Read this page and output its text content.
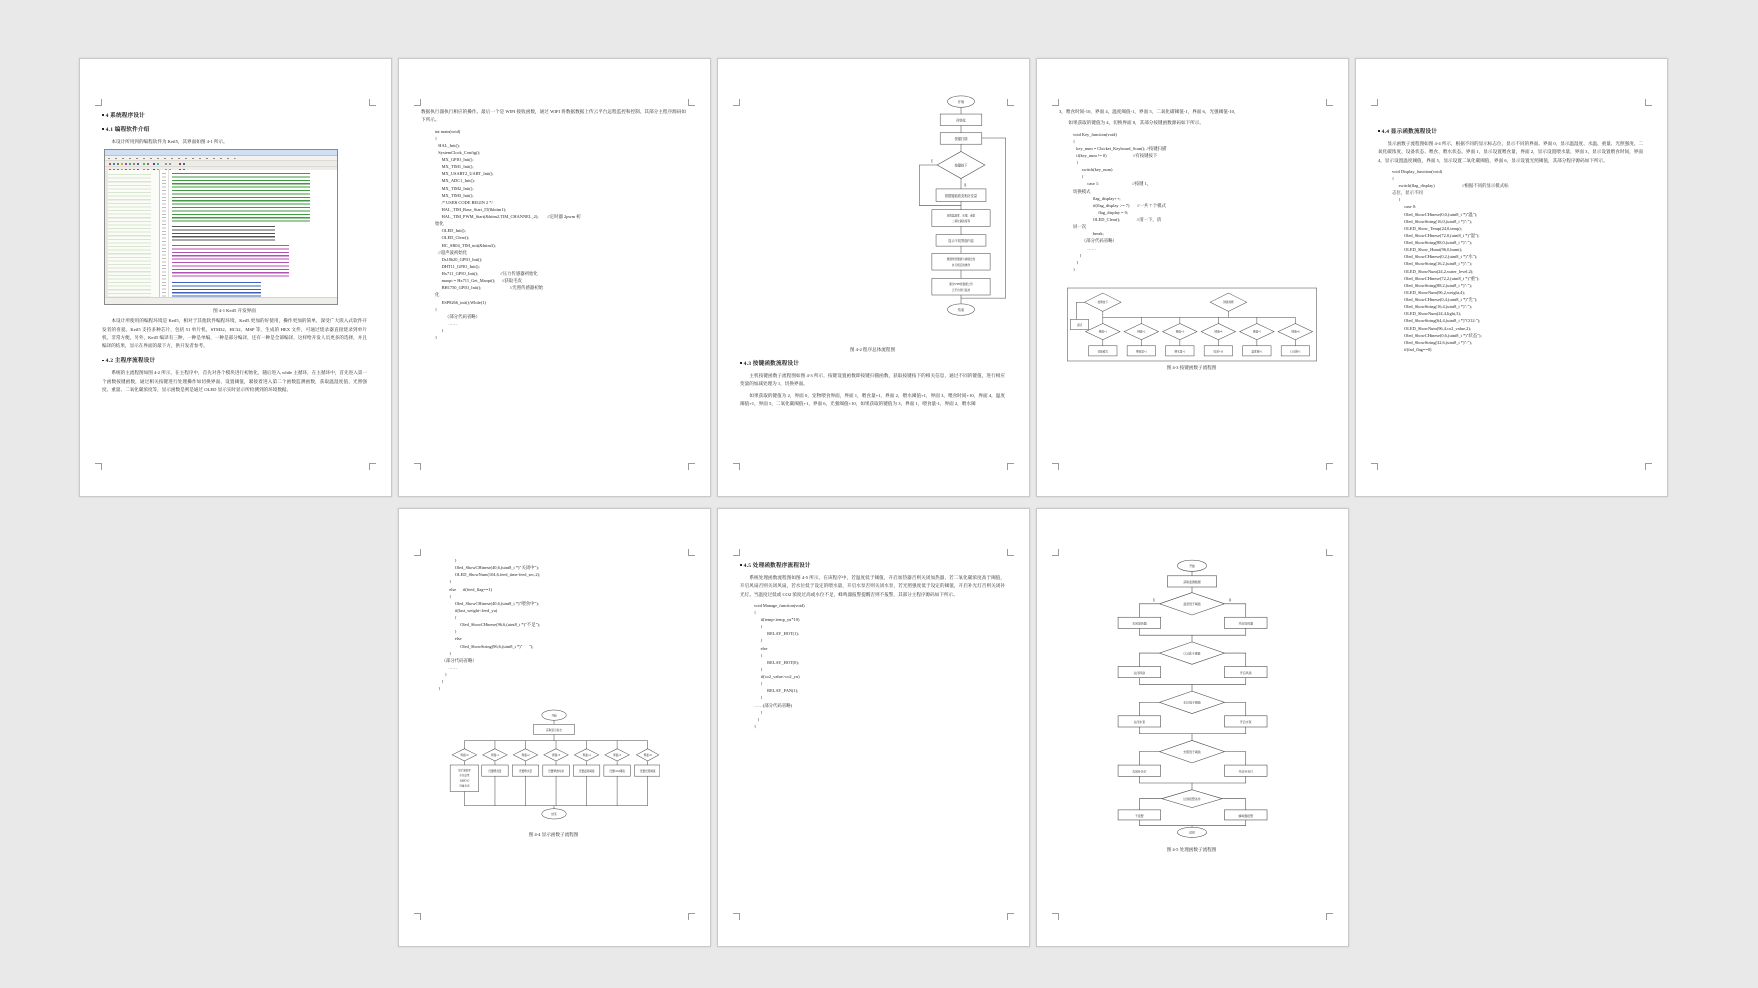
4 系统程序设计
4.1 编程软件介绍
本设计所用到的编程软件为 Keil5，其界面如图 4-1 所示。
图 4-1 Keil5 开发界面
本设计所使用的编程环境是 Keil5，相对于其他软件编程环境，Keil5 更加的好使用，操作更加的简单，深受广大嵌入式软件开发者的喜爱。Keil5 支持多种芯片，包括 51 单片机，STM32、HC32、MSP 等，生成的 HEX 文件，可通过烧录器直接烧录到单片机，非常方便。另外，Keil5 编译有三种，一种是单编，一种是部分编译，还有一种是全部编译，这样给开发人员更多的选择，并且编译的结果，显示在界面的最下方，供开发者参考。
4.2 主程序流程设计
系统的主流程图如图 4-2 所示，在主程序中，首先对各个模块进行初始化，随后进入 while 主循环，在主循环中，首先进入第一个函数按键函数，通过相关按键进行处理操作如切换界面、设置阈值，紧接着进入第二个函数监测函数，获取温湿度值、光照强度、重量、二氧化碳浓度等，显示函数是则是通过 OLED 显示实时显示所检测到的环境数据。
数据执行器执行相应的操作。最后一个是 WIFI 接收函数，通过 WIFI 将数据数据上传云平台远程监控和控制。其部分主程序源码如下所示。
int main(void)
{
HAL_Init();
SystemClock_Config();
MX_GPIO_Init();
MX_TIM1_Init();
MX_USART2_UART_Init();
MX_ADC1_Init();
MX_TIM2_Init();
MX_TIM3_Init();
/* USER CODE BEGIN 2 */
HAL_TIM_Base_Start_IT(&htim1);
HAL_TIM_PWM_Start(&htim2,TIM_CHANNEL_2);        //定时器 2pwm 初
始化
OLED_Init();
OLED_Clear();
HC_SR04_TIM_init(&htim3);
//超声波初始化
Ds18b20_GPIO_Init();
DHT11_GPIO_Init();
Hx711_GPIO_Init();                    //压力传感器初始化
maopi = Hx711_Get_Maopi();      //获取毛皮
BH1750_GPIO_Init();                          //光照传感器初始
化
ESP8266_init();While(1)
{
（部分代码省略）
……
}
}
开始
初始化
按键扫描
按键按下
否
是
根据键值改变相应变量
获取温湿度、光强、重量
二氧化碳浓度等
显示不同界面内容
根据传感器值与阈值比较
执行相应的操作
通过WIFI将数据上传
云平台进行监控
结束
图 4-2 程序总体流程图
4.3 按键函数流程设计
主机按键函数子流程图如图 4-3 所示，按键设置函数即按键扫描函数，获取按键按下的相关信息，通过不同的键值，进行相应变量的加减处理为 1，切换界面。
如果获取的键值为 2，界面 0，宠物喂食界面，界面 1，喂食量+1，界面 2，喂水阈值+1，界面 3，喂食时间+10，界面 4，温度阈值+1，界面 5，二氧化碳阈值+1，界面 6，光强阈值+10，如果获取的键值为 3，界面 1，喂食量-1，界面 2，喂水阈
3，喂食时间-10，界面 4，温度阈值-1，界面 5，二氧化碳阈值-1，界面 6，光强阈值-10，
如果获取的键值为 4，切换界面 0，其部分按键函数源码如下所示。
void Key_function(void)
{
key_num = Chicket_Keyboard_Scan(); //按键扫描
if(key_num != 0)                        //有按键按下
{
switch(key_num)
{
case 1:                              //按键 1，
切换模式
flag_display++;
if(flag_display >= 7)       //一共 7 个模式
flag_display = 0;
OLED_Clear();               //清一下，清
屏一次
break;
（部分代码省略）
……
}
}
}
按键按下	键值判断
返回
键值=1	键值=2	键值=3	键值=4	键值=5	键值=6
切换模式	喂食量+1	喂水量+1	时间+10	温度阈+1	CO2阈+1
图 4-3 按键函数子流程图
4.4 显示函数流程设计
显示函数子流程图如图 4-4 所示，根据不同的显示标志位，显示不同的界面。界面 0，显示温湿度、水温、重量、光照强度、二氧化碳浓度、设备状态、喂食、喂水状态。界面 1，显示设置喂食量，界面 2，显示设置喂水量，界面 3，显示设置喂食时间，界面 4，显示设置温度阈值，界面 5，显示设置二氧化碳阈值，界面 6，显示设置光照阈值，其部分程序源码如下所示。
void Display_function(void)
{
switch(flag_display)                         //根据不同的显示模式标
志位，显示不同
{
case 0:
Oled_ShowCHinese(0,0,(uint8_t *)"温");
Oled_ShowString(16,0,(uint8_t *)":");
OLED_Show_Temp(24,0,temp);
Oled_ShowCHinese(72,0,(uint8_t *)"湿");
Oled_ShowString(88,0,(uint8_t *)":");
OLED_Show_Humi(96,0,humi);
Oled_ShowCHinese(0,2,(uint8_t *)"水");
Oled_ShowString(16,2,(uint8_t *)":");
OLED_ShowNum(24,2,water_level,2);
Oled_ShowCHinese(72,2,(uint8_t *)"重");
Oled_ShowString(88,2,(uint8_t *)":");
OLED_ShowNum(96,2,weight,4);
Oled_ShowCHinese(0,4,(uint8_t *)"光");
Oled_ShowString(16,4,(uint8_t *)":");
OLED_ShowNum(24,4,light,3);
Oled_ShowString(64,4,(uint8_t *)"CO2:");
OLED_ShowNum(96,4,co2_value,2);
Oled_ShowCHinese(0,6,(uint8_t *)"状态");
Oled_ShowString(32,6,(uint8_t *)":");
if(fad_flag==0)
}
Oled_ShowCHinese(40,6,(uint8_t *)"关闭中");
OLED_ShowNum(104,6,feed_time-feed_sec,2);
}
else      if(feed_flag==1)
{
Oled_ShowCHinese(40,6,(uint8_t *)"喂食中");
if(last_weight<feed_yu)
{
Oled_ShowCHinese(96,6,(uint8_t *)"不足");
}
else
Oled_ShowString(96,6,(uint8_t *)"      ");
}
（部分代码省略）
……
}
}
}
开始
获取显示标志
界面=0	界面=1	界面=2	界面=3	界面=4	界面=5	界面=6
显示温湿度
水位重量
光照CO2
设备状态
设置喂食量	设置喂水量	设置喂食时间	设置温度阈值	设置CO2阈值	设置光照阈值
结束
图 4-4 显示函数子流程图
4.5 处理函数程序流程设计
系统处理函数流程图如图 4-5 所示，在该程序中，若温度低于阈值，开启加热器否则关闭加热器，若二氧化碳浓度高于阈值，开启风扇否则关闭风扇，若水位低于设定的喂水量，开启水泵否则关闭水泵，若光照强度低于设定的阈值，开启补光灯否则关闭补光灯。当温度过低或 CO2 浓度过高或水位不足，蜂鸣器报警提醒否则不报警，其部分主程序源码如下所示。
void Manage_function(void)
{
if(temp<temp_yu*10)
{
RELAY_HOT(1);
}
else
{
RELAY_HOT(0);
}
if(co2_value>co2_yu)
{
RELAY_FAN(1);
}
……(部分代码省略)
}
}
}
开始
获取监测数据
温度低于阈值
是
否
开启加热器
关闭加热器
CO2高于阈值
开启风扇
关闭风扇
水位低于阈值
开启水泵
关闭水泵
光照低于阈值
开启补光灯
关闭补光灯
达到报警条件
蜂鸣器报警
不报警
返回
图 4-5 处理函数子流程图
